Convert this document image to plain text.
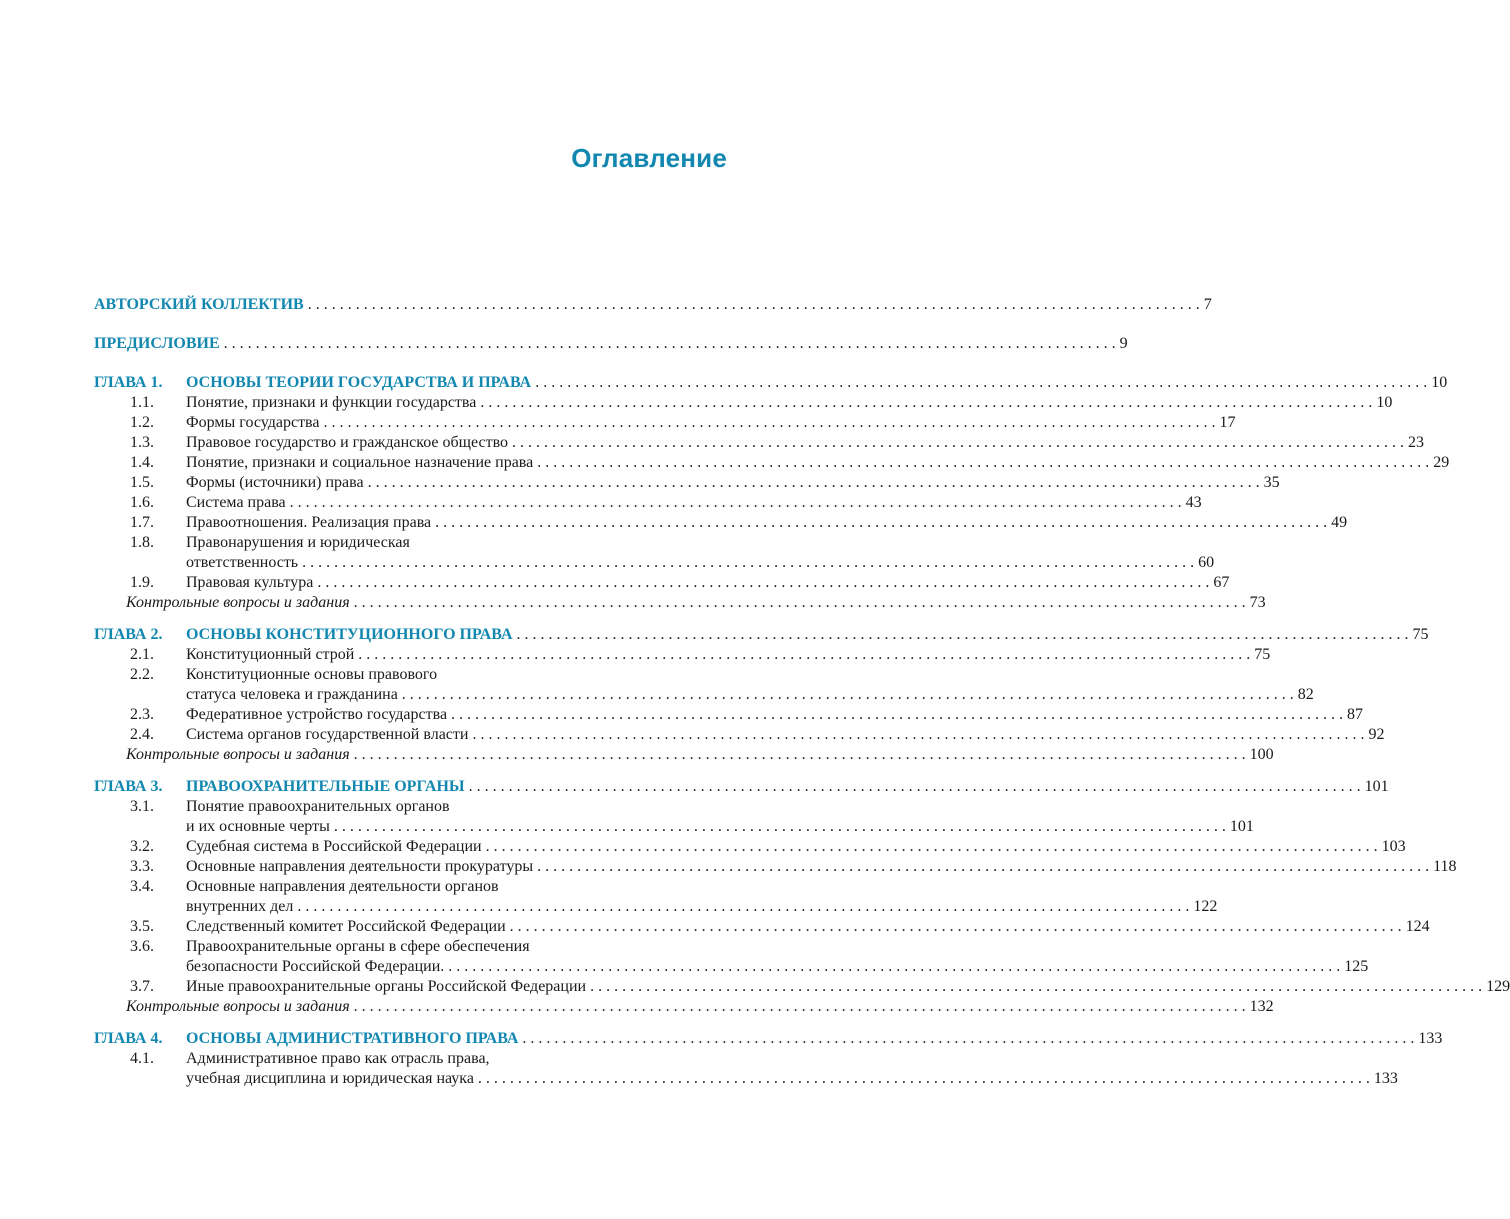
Оглавление
АВТОРСКИЙ КОЛЛЕКТИВ . . .	7
ПРЕДИСЛОВИЕ . . .	9
ГЛАВА 1.	ОСНОВЫ ТЕОРИИ ГОСУДАРСТВА И ПРАВА . . .	10
1.1.	Понятие, признаки и функции государства . . .	10
1.2.	Формы государства . . .	17
1.3.	Правовое государство и гражданское общество . . .	23
1.4.	Понятие, признаки и социальное назначение права . . .	29
1.5.	Формы (источники) права . . .	35
1.6.	Система права . . .	43
1.7.	Правоотношения. Реализация права . . .	49
1.8.	Правонарушения и юридическая
ответственность . . .	60
1.9.	Правовая культура . . .	67
Контрольные вопросы и задания . . .	73
ГЛАВА 2.	ОСНОВЫ КОНСТИТУЦИОННОГО ПРАВА . . .	75
2.1.	Конституционный строй . . .	75
2.2.	Конституционные основы правового
статуса человека и гражданина . . .	82
2.3.	Федеративное устройство государства . . .	87
2.4.	Система органов государственной власти . . .	92
Контрольные вопросы и задания . . .	100
ГЛАВА 3.	ПРАВООХРАНИТЕЛЬНЫЕ ОРГАНЫ . . .	101
3.1.	Понятие правоохранительных органов
и их основные черты . . .	101
3.2.	Судебная система в Российской Федерации . . .	103
3.3.	Основные направления деятельности прокуратуры . . .	118
3.4.	Основные направления деятельности органов
внутренних дел . . .	122
3.5.	Следственный комитет Российской Федерации . . .	124
3.6.	Правоохранительные органы в сфере обеспечения
безопасности Российской Федерации. . . .	125
3.7.	Иные правоохранительные органы Российской Федерации . . .	129
Контрольные вопросы и задания . . .	132
ГЛАВА 4.	ОСНОВЫ АДМИНИСТРАТИВНОГО ПРАВА . . .	133
4.1.	Административное право как отрасль права,
учебная дисциплина и юридическая наука . . .	133
